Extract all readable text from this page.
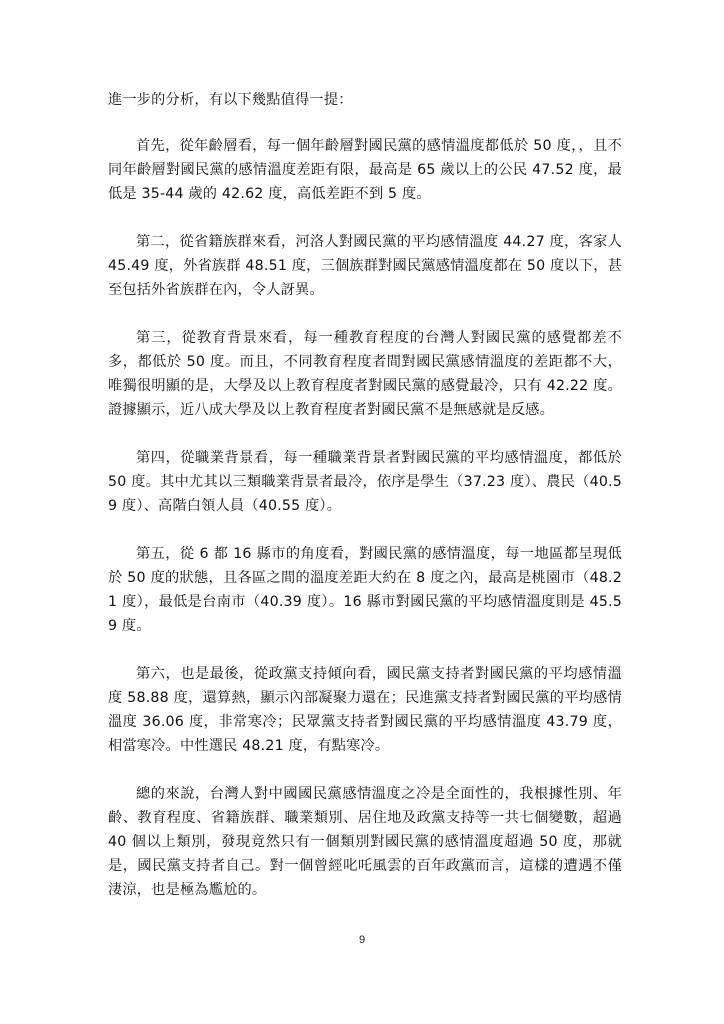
進一步的分析，有以下幾點值得一提：

首先，從年齡層看，每一個年齡層對國民黨的感情溫度都低於 50 度，，且不同年齡層對國民黨的感情溫度差距有限，最高是 65 歲以上的公民 47.52 度，最低是 35-44 歲的 42.62 度，高低差距不到 5 度。

第二，從省籍族群來看，河洛人對國民黨的平均感情溫度 44.27 度，客家人 45.49 度，外省族群 48.51 度，三個族群對國民黨感情溫度都在 50 度以下，甚至包括外省族群在內，令人訝異。

第三，從教育背景來看，每一種教育程度的台灣人對國民黨的感覺都差不多，都低於 50 度。而且，不同教育程度者間對國民黨感情溫度的差距都不大，唯獨很明顯的是，大學及以上教育程度者對國民黨的感覺最冷，只有 42.22 度。證據顯示，近八成大學及以上教育程度者對國民黨不是無感就是反感。

第四，從職業背景看，每一種職業背景者對國民黨的平均感情溫度，都低於 50 度。其中尤其以三類職業背景者最冷，依序是學生（37.23 度）、農民（40.59 度）、高階白領人員（40.55 度）。

第五，從 6 都 16 縣市的角度看，對國民黨的感情溫度，每一地區都呈現低於 50 度的狀態，且各區之間的溫度差距大約在 8 度之內，最高是桃園市（48.21 度），最低是台南市（40.39 度）。16 縣市對國民黨的平均感情溫度則是 45.59 度。

第六，也是最後，從政黨支持傾向看，國民黨支持者對國民黨的平均感情溫度 58.88 度，還算熱，顯示內部凝聚力還在；民進黨支持者對國民黨的平均感情溫度 36.06 度，非常寒冷；民眾黨支持者對國民黨的平均感情溫度 43.79 度，相當寒冷。中性選民 48.21 度，有點寒冷。

總的來說，台灣人對中國國民黨感情溫度之冷是全面性的，我根據性別、年齡、教育程度、省籍族群、職業類別、居住地及政黨支持等一共七個變數，超過 40 個以上類別，發現竟然只有一個類別對國民黨的感情溫度超過 50 度，那就是，國民黨支持者自己。對一個曾經叱吒風雲的百年政黨而言，這樣的遭遇不僅淒涼，也是極為尷尬的。

9
